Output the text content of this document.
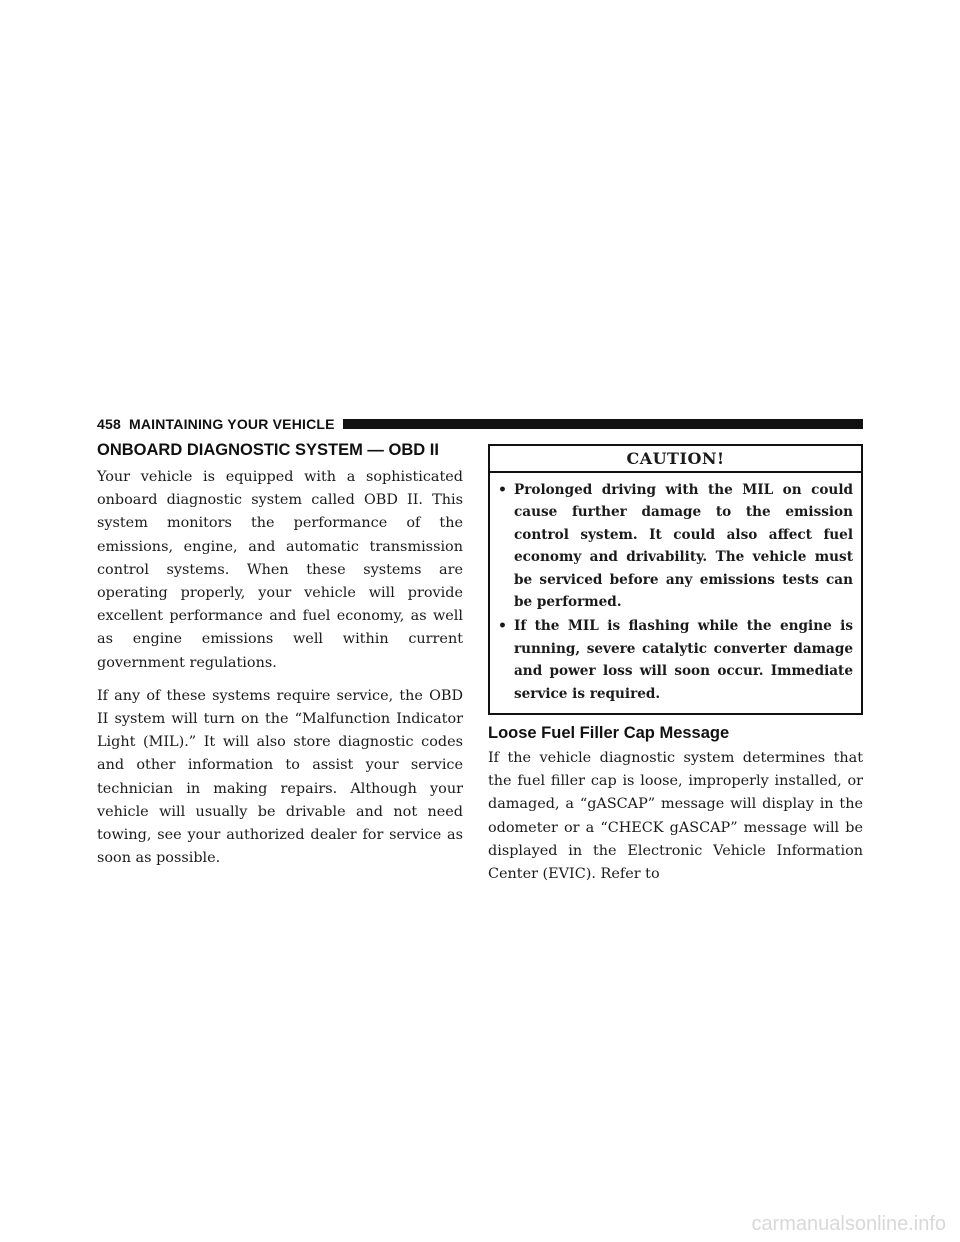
458 MAINTAINING YOUR VEHICLE
ONBOARD DIAGNOSTIC SYSTEM — OBD II

Your vehicle is equipped with a sophisticated onboard diagnostic system called OBD II. This system monitors the performance of the emissions, engine, and automatic transmission control systems. When these systems are operating properly, your vehicle will provide excellent performance and fuel economy, as well as engine emissions well within current government regulations.

If any of these systems require service, the OBD II system will turn on the “Malfunction Indicator Light (MIL).” It will also store diagnostic codes and other information to assist your service technician in making repairs. Although your vehicle will usually be drivable and not need towing, see your authorized dealer for service as soon as possible.

CAUTION!
• Prolonged driving with the MIL on could cause further damage to the emission control system. It could also affect fuel economy and drivability. The vehicle must be serviced before any emissions tests can be performed.
• If the MIL is flashing while the engine is running, severe catalytic converter damage and power loss will soon occur. Immediate service is required.
Loose Fuel Filler Cap Message

If the vehicle diagnostic system determines that the fuel filler cap is loose, improperly installed, or damaged, a “gASCAP” message will display in the odometer or a “CHECK gASCAP” message will be displayed in the Electronic Vehicle Information Center (EVIC). Refer to

carmanualsonline.info
